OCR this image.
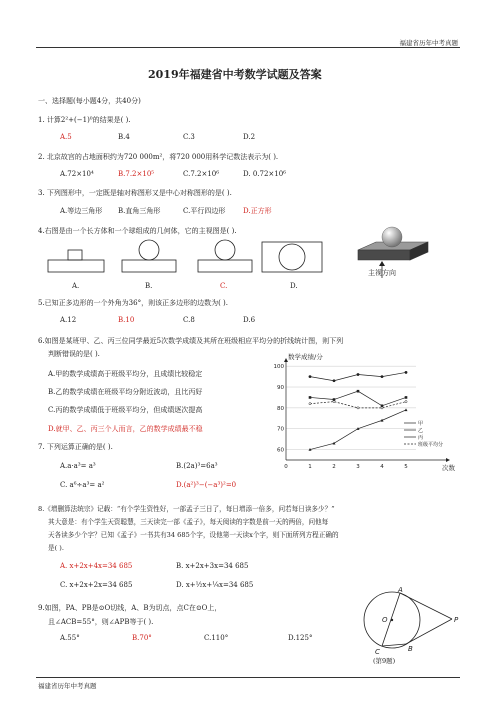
福建省历年中考真题
2019年福建省中考数学试题及答案
一、选择题(每小题4分，共40分)
1. 计算2²+(−1)⁰的结果是( ).
A.5	B.4	C.3	D.2
2. 北京故宫的占地面积约为720 000m²，将720 000用科学记数法表示为( ).
A.72×10⁴	B.7.2×10⁵	C.7.2×10⁶	D. 0.72×10⁶
3. 下列图形中，一定既是轴对称图形又是中心对称图形的是( ).
A.等边三角形 B.直角三角形	C.平行四边形	D.正方形
4.右图是由一个长方体和一个球组成的几何体，它的主视图是( ).
A.	B.	C.	D.
主视方向
5.已知正多边形的一个外角为36°，则该正多边形的边数为( ).
A.12	B.10	C.8	D.6
6.如图是某班甲、乙、丙三位同学最近5次数学成绩及其所在班级相应平均分的折线统计图，则下列
判断错误的是( ).
A.甲的数学成绩高于班级平均分，且成绩比较稳定
B.乙的数学成绩在班级平均分附近波动，且比丙好
C.丙的数学成绩低于班级平均分，但成绩逐次提高
D.就甲、乙、丙三个人而言，乙的数学成绩最不稳
数学成绩/分
次数
60
70
80
90
100
0	1	2	3	4	5
甲
乙
丙
班级平均分
7. 下列运算正确的是( ).
A.a·a³= a³	B.(2a)³=6a³
C. a⁶÷a³= a²	D.(a²)³−(−a³)²=0
8.《增删算法统宗》记载：“有个学生资性好，一部孟子三日了，每日增添一倍多，问若每日读多少？”
其大意是：有个学生天资聪慧，三天读完一部《孟子》，每天阅读的字数是前一天的两倍，问他每
天各读多少个字？已知《孟子》一书共有34 685个字，设他第一天读x个字，则下面所列方程正确的
是( ).
A. x+2x+4x=34 685	B. x+2x+3x=34 685
C. x+2x+2x=34 685	D. x+½x+¼x=34 685
9.如图，PA、PB是⊙O切线，A、B为切点，点C在⊙O上，
且∠ACB=55°，则∠APB等于( ).
A.55°	B.70°	C.110°	D.125°
A
B
C
O	P
(第9题)
福建省历年中考真题
